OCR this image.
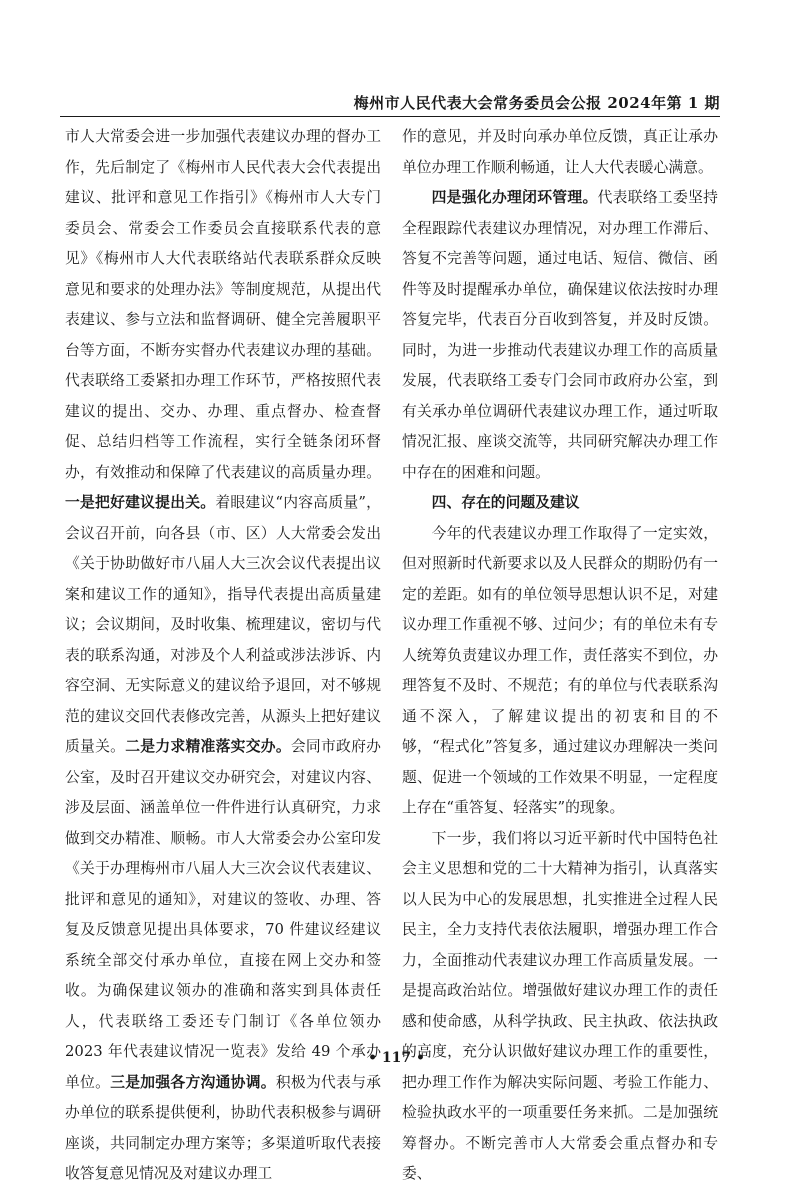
梅州市人民代表大会常务委员会公报 2024年第 1 期

市人大常委会进一步加强代表建议办理的督办工作，先后制定了《梅州市人民代表大会代表提出建议、批评和意见工作指引》《梅州市人大专门委员会、常委会工作委员会直接联系代表的意见》《梅州市人大代表联络站代表联系群众反映意见和要求的处理办法》等制度规范，从提出代表建议、参与立法和监督调研、健全完善履职平台等方面，不断夯实督办代表建议办理的基础。代表联络工委紧扣办理工作环节，严格按照代表建议的提出、交办、办理、重点督办、检查督促、总结归档等工作流程，实行全链条闭环督办，有效推动和保障了代表建议的高质量办理。一是把好建议提出关。着眼建议“内容高质量”，会议召开前，向各县（市、区）人大常委会发出《关于协助做好市八届人大三次会议代表提出议案和建议工作的通知》，指导代表提出高质量建议；会议期间，及时收集、梳理建议，密切与代表的联系沟通，对涉及个人利益或涉法涉诉、内容空洞、无实际意义的建议给予退回，对不够规范的建议交回代表修改完善，从源头上把好建议质量关。二是力求精准落实交办。会同市政府办公室，及时召开建议交办研究会，对建议内容、涉及层面、涵盖单位一件件进行认真研究，力求做到交办精准、顺畅。市人大常委会办公室印发《关于办理梅州市八届人大三次会议代表建议、批评和意见的通知》，对建议的签收、办理、答复及反馈意见提出具体要求，70 件建议经建议系统全部交付承办单位，直接在网上交办和签收。为确保建议领办的准确和落实到具体责任人，代表联络工委还专门制订《各单位领办 2023 年代表建议情况一览表》发给 49 个承办单位。三是加强各方沟通协调。积极为代表与承办单位的联系提供便利，协助代表积极参与调研座谈，共同制定办理方案等；多渠道听取代表接收答复意见情况及对建议办理工

作的意见，并及时向承办单位反馈，真正让承办单位办理工作顺利畅通，让人大代表暖心满意。

四是强化办理闭环管理。代表联络工委坚持全程跟踪代表建议办理情况，对办理工作滞后、答复不完善等问题，通过电话、短信、微信、函件等及时提醒承办单位，确保建议依法按时办理答复完毕，代表百分百收到答复，并及时反馈。同时，为进一步推动代表建议办理工作的高质量发展，代表联络工委专门会同市政府办公室，到有关承办单位调研代表建议办理工作，通过听取情况汇报、座谈交流等，共同研究解决办理工作中存在的困难和问题。

四、存在的问题及建议

今年的代表建议办理工作取得了一定实效，但对照新时代新要求以及人民群众的期盼仍有一定的差距。如有的单位领导思想认识不足，对建议办理工作重视不够、过问少；有的单位未有专人统筹负责建议办理工作，责任落实不到位，办理答复不及时、不规范；有的单位与代表联系沟通不深入，了解建议提出的初衷和目的不够，“程式化”答复多，通过建议办理解决一类问题、促进一个领域的工作效果不明显，一定程度上存在“重答复、轻落实”的现象。

下一步，我们将以习近平新时代中国特色社会主义思想和党的二十大精神为指引，认真落实以人民为中心的发展思想，扎实推进全过程人民民主，全力支持代表依法履职，增强办理工作合力，全面推动代表建议办理工作高质量发展。一是提高政治站位。增强做好建议办理工作的责任感和使命感，从科学执政、民主执政、依法执政的高度，充分认识做好建议办理工作的重要性，把办理工作作为解决实际问题、考验工作能力、检验执政水平的一项重要任务来抓。二是加强统筹督办。不断完善市人大常委会重点督办和专委、

• 117 •
